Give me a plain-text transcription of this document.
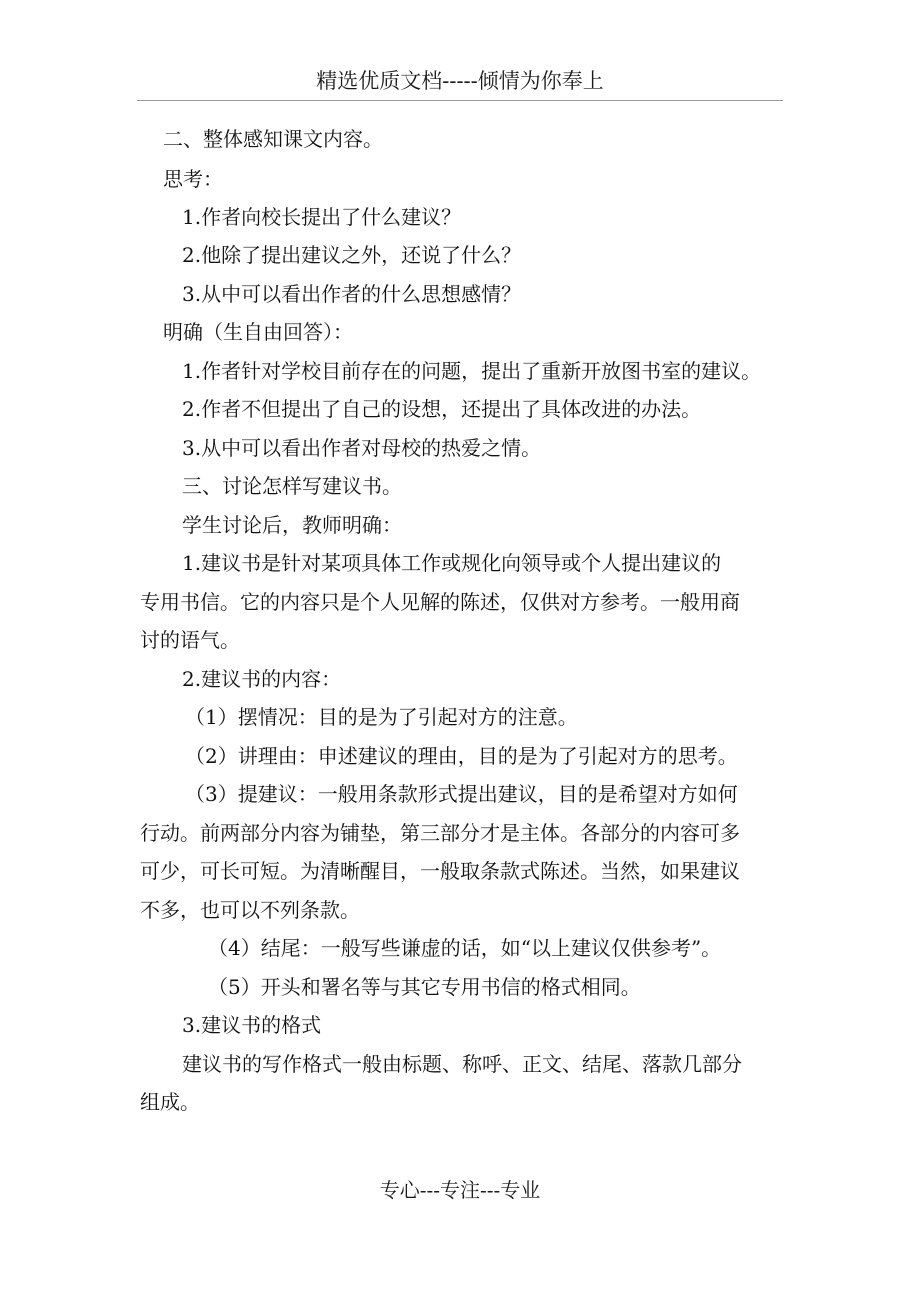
精选优质文档-----倾情为你奉上
二、整体感知课文内容。
思考：
1.作者向校长提出了什么建议？
2.他除了提出建议之外，还说了什么？
3.从中可以看出作者的什么思想感情？
明确（生自由回答）：
1.作者针对学校目前存在的问题，提出了重新开放图书室的建议。
2.作者不但提出了自己的设想，还提出了具体改进的办法。
3.从中可以看出作者对母校的热爱之情。
三、讨论怎样写建议书。
学生讨论后，教师明确：
1.建议书是针对某项具体工作或规化向领导或个人提出建议的
专用书信。它的内容只是个人见解的陈述，仅供对方参考。一般用商
讨的语气。
2.建议书的内容：
（1）摆情况：目的是为了引起对方的注意。
（2）讲理由：申述建议的理由，目的是为了引起对方的思考。
（3）提建议：一般用条款形式提出建议，目的是希望对方如何
行动。前两部分内容为铺垫，第三部分才是主体。各部分的内容可多
可少，可长可短。为清晰醒目，一般取条款式陈述。当然，如果建议
不多，也可以不列条款。
（4）结尾：一般写些谦虚的话，如“以上建议仅供参考”。
（5）开头和署名等与其它专用书信的格式相同。
3.建议书的格式
建议书的写作格式一般由标题、称呼、正文、结尾、落款几部分
组成。
专心---专注---专业
